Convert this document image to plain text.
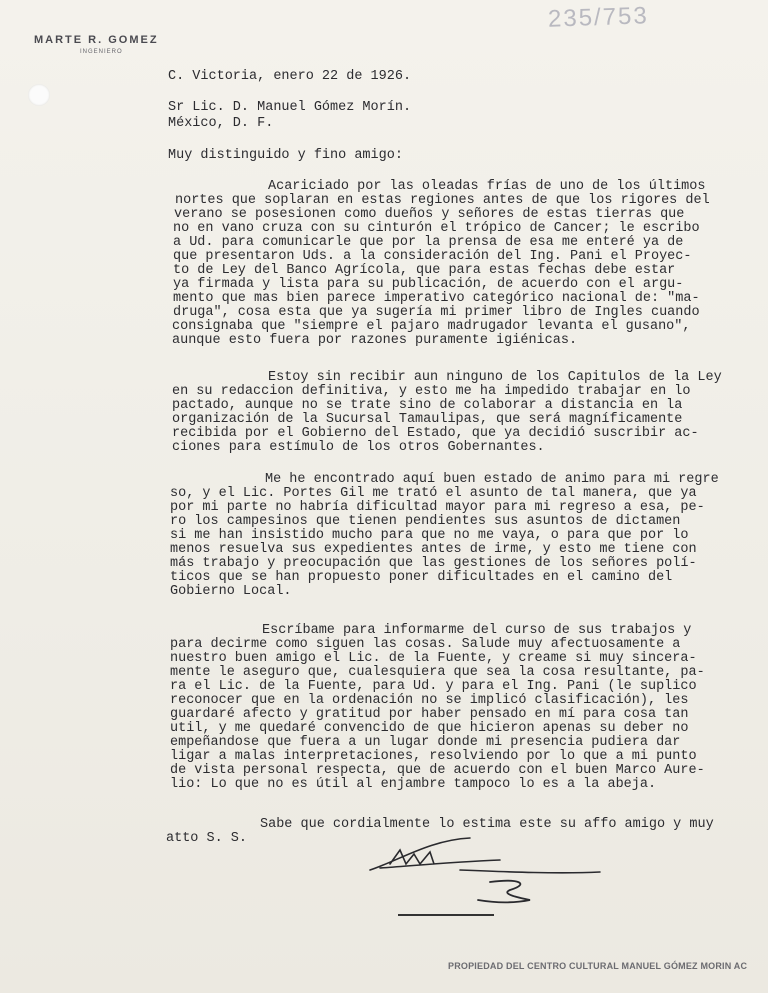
MARTE R. GOMEZ
INGENIERO
235/753
C. Victoria, enero 22 de 1926.
Sr Lic. D. Manuel Gómez Morín.
México, D. F.
Muy distinguido y fino amigo:
Acariciado por las oleadas frías de uno de los últimos
nortes que soplaran en estas regiones antes de que los rigores del
verano se posesionen como dueños y señores de estas tierras que
no en vano cruza con su cinturón el trópico de Cancer; le escribo
a Ud. para comunicarle que por la prensa de esa me enteré ya de
que presentaron Uds. a la consideración del Ing. Pani el Proyec-
to de Ley del Banco Agrícola, que para estas fechas debe estar
ya firmada y lista para su publicación, de acuerdo con el argu-
mento que mas bien parece imperativo categórico nacional de: "ma-
druga", cosa esta que ya sugería mi primer libro de Ingles cuando
consignaba que "siempre el pajaro madrugador levanta el gusano",
aunque esto fuera por razones puramente igiénicas.
Estoy sin recibir aun ninguno de los Capitulos de la Ley
en su redaccion definitiva, y esto me ha impedido trabajar en lo
pactado, aunque no se trate sino de colaborar a distancia en la
organización de la Sucursal Tamaulipas, que será magníficamente
recibida por el Gobierno del Estado, que ya decidió suscribir ac-
ciones para estímulo de los otros Gobernantes.
Me he encontrado aquí buen estado de animo para mi regre
so, y el Lic. Portes Gil me trató el asunto de tal manera, que ya
por mi parte no habría dificultad mayor para mi regreso a esa, pe-
ro los campesinos que tienen pendientes sus asuntos de dictamen
si me han insistido mucho para que no me vaya, o para que por lo
menos resuelva sus expedientes antes de irme, y esto me tiene con
más trabajo y preocupación que las gestiones de los señores polí-
ticos que se han propuesto poner dificultades en el camino del
Gobierno Local.
Escríbame para informarme del curso de sus trabajos y
para decirme como siguen las cosas. Salude muy afectuosamente a
nuestro buen amigo el Lic. de la Fuente, y creame si muy sincera-
mente le aseguro que, cualesquiera que sea la cosa resultante, pa-
ra el Lic. de la Fuente, para Ud. y para el Ing. Pani (le suplico
reconocer que en la ordenación no se implicó clasificación), les
guardaré afecto y gratitud por haber pensado en mí para cosa tan
util, y me quedaré convencido de que hicieron apenas su deber no
empeñandose que fuera a un lugar donde mi presencia pudiera dar
ligar a malas interpretaciones, resolviendo por lo que a mi punto
de vista personal respecta, que de acuerdo con el buen Marco Aure-
lio: Lo que no es útil al enjambre tampoco lo es a la abeja.
Sabe que cordialmente lo estima este su affo amigo y muy
atto S. S.
PROPIEDAD DEL CENTRO CULTURAL MANUEL GÓMEZ MORIN AC
